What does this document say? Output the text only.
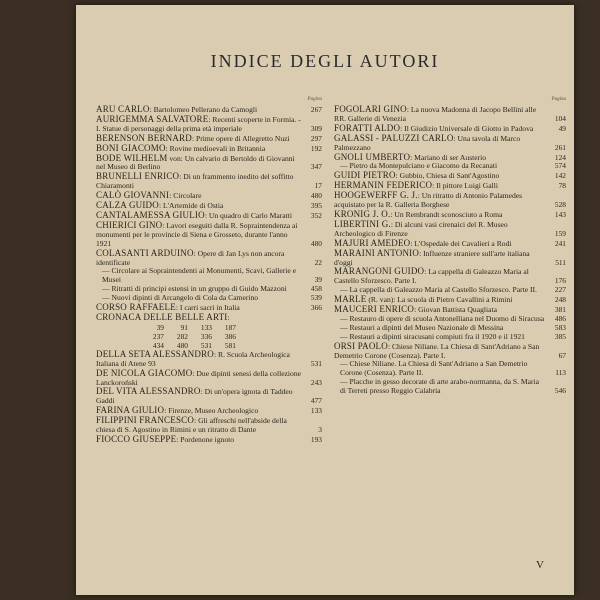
INDICE DEGLI AUTORI
Pagina
ARU CARLO: Bartolomeo Pellerano da Camogli	267
AURIGEMMA SALVATORE: Recenti scoperte in Formia. - I. Statue di personaggi della prima età imperiale	309
BERENSON BERNARD: Prime opere di Allegretto Nuzi	297
BONI GIACOMO: Rovine medioevali in Britannia	192
BODE WILHELM von: Un calvario di Bertoldo di Giovanni nel Museo di Berlino	347
BRUNELLI ENRICO: Di un frammento inedito del soffitto Chiaramonti	17
CALÒ GIOVANNI: Circolare	480
CALZA GUIDO: L'Artemide di Ostia	395
CANTALAMESSA GIULIO: Un quadro di Carlo Maratti	352
CHIERICI GINO: Lavori eseguiti dalla R. Sopraintendenza ai monumenti per le provincie di Siena e Grosseto, durante l'anno 1921	480
COLASANTI ARDUINO: Opere di Jan Lys non ancora identificate	22
— Circolare ai Sopraintendenti ai Monumenti, Scavi, Gallerie e Musei	39
— Ritratti di principi estensi in un gruppo di Guido Mazzoni	458
— Nuovi dipinti di Arcangelo di Cola da Camerino	539
CORSO RAFFAELE: I carri sacri in Italia	366
CRONACA DELLE BELLE ARTI:
39	91	133	187
237	282	336	386
434	480	531	581
DELLA SETA ALESSANDRO: R. Scuola Archeologica Italiana di Atene 93	531
DE NICOLA GIACOMO: Due dipinti senesi della collezione Lanckoroński	243
DEL VITA ALESSANDRO: Di un'opera ignota di Taddeo Gaddi	477
FARINA GIULIO: Firenze, Museo Archeologico	133
FILIPPINI FRANCESCO: Gli affreschi nell'abside della chiesa di S. Agostino in Rimini e un ritratto di Dante	3
FIOCCO GIUSEPPE: Pordenone ignoto	193
Pagina
FOGOLARI GINO: La nuova Madonna di Jacopo Bellini alle RR. Gallerie di Venezia	104
FORATTI ALDO: Il Giudizio Universale di Giotto in Padova	49
GALASSI - PALUZZI CARLO: Una tavola di Marco Palmezzano	261
GNOLI UMBERTO: Mariano di ser Austerio	124
— Pietro da Montepulciano e Giacomo da Recanati	574
GUIDI PIETRO: Gubbio, Chiesa di Sant'Agostino	142
HERMANIN FEDERICO: Il pittore Luigi Galli	78
HOOGEWERFF G. J.: Un ritratto di Antonio Palamedes acquistato per la R. Galleria Borghese	528
KRONIG J. O.: Un Rembrandt sconosciuto a Roma	143
LIBERTINI G.: Di alcuni vasi cirenaici del R. Museo Archeologico di Firenze	159
MAJURI AMEDEO: L'Ospedale dei Cavalieri a Rodi	241
MARAINI ANTONIO: Influenze straniere sull'arte italiana d'oggi	511
MARANGONI GUIDO: La cappella di Galeazzo Maria al Castello Sforzesco. Parte I.	176
— La cappella di Galeazzo Maria al Castello Sforzesco. Parte II.	227
MARLE (R. van): La scuola di Pietro Cavallini a Rimini	248
MAUCERI ENRICO: Giovan Battista Quagliata	381
— Restauro di opere di scuola Antonelliana nel Duomo di Siracusa	486
— Restauri a dipinti del Museo Nazionale di Messina	583
— Restauri a dipinti siracusani compiuti fra il 1920 e il 1921	385
ORSI PAOLO: Chiese Niliane. La Chiesa di Sant'Adriano a San Demetrio Corone (Cosenza). Parte I.	67
— Chiese Niliane. La Chiesa di Sant'Adriano a San Demetrio Corone (Cosenza). Parte II.	113
— Placche in gesso decorate di arte arabo-normanna, da S. Maria di Terreti presso Reggio Calabria	546
V
